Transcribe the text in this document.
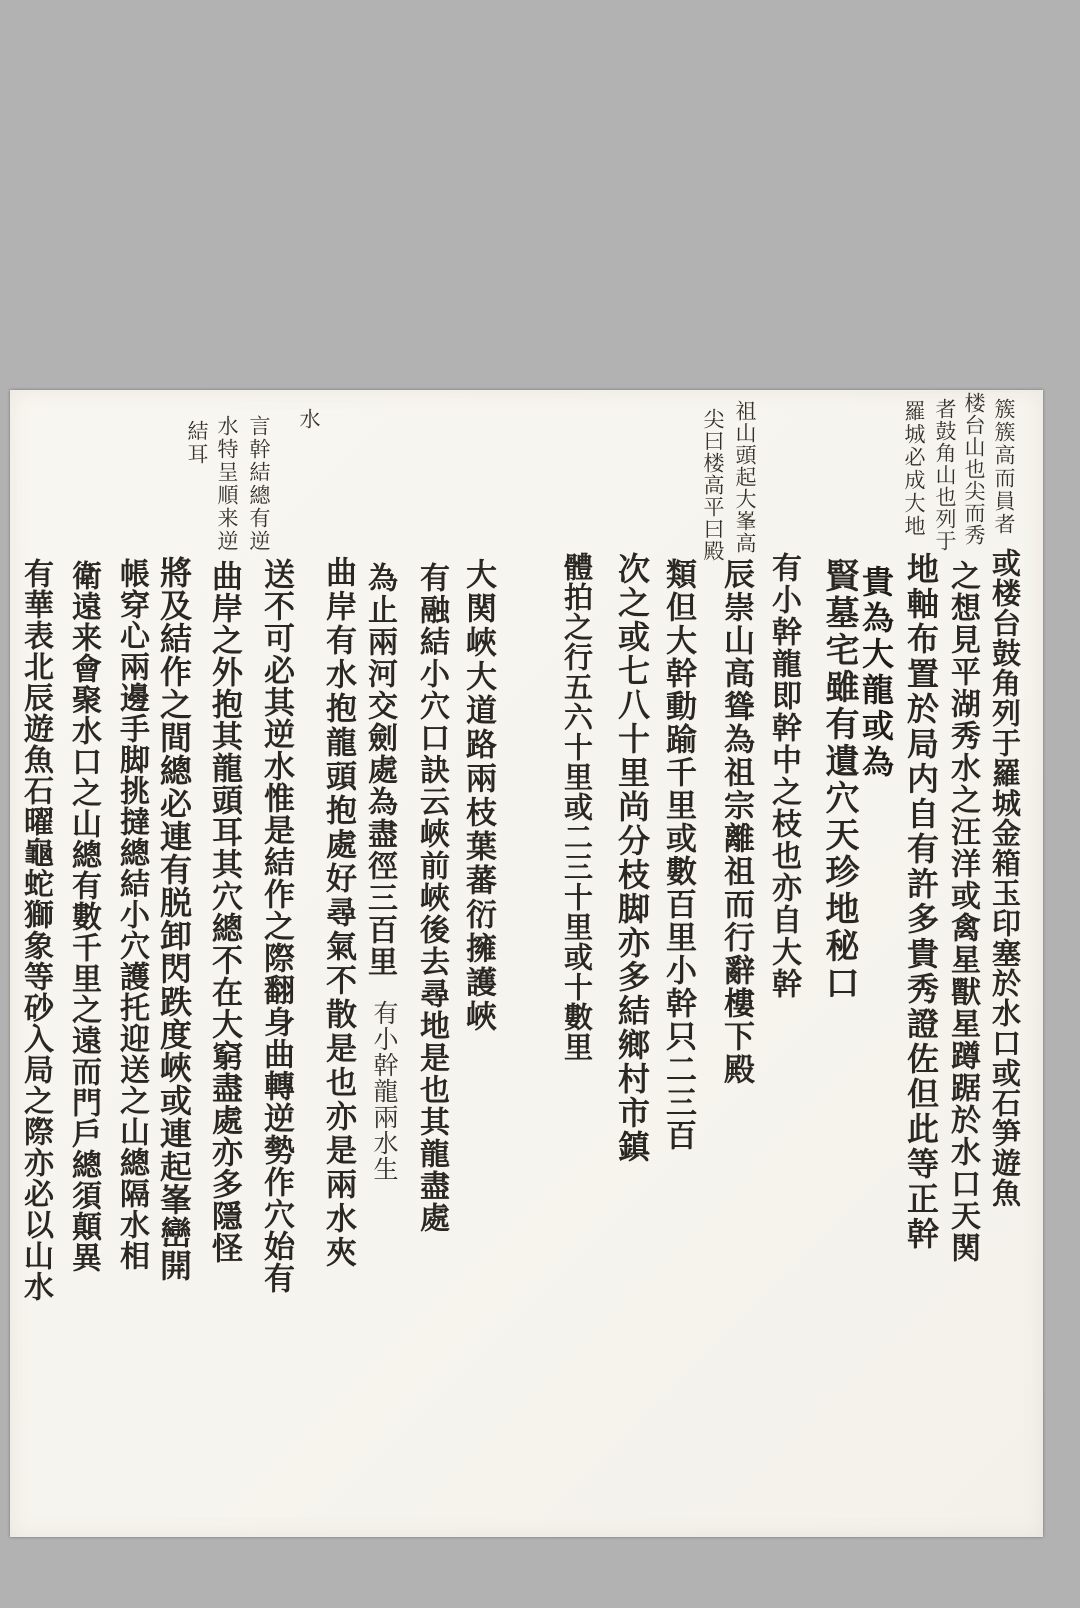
簇簇高而員者
楼台山也尖而秀
者鼓角山也列于
羅城必成大地
祖山頭起大峯高
尖曰楼高平曰殿
水
言幹結總有逆
水特呈順来逆
結耳
或楼台鼓角列于羅城金箱玉印塞於水口或石笋遊魚
之想見平湖秀水之汪洋或禽星獸星蹲踞於水口天関
地軸布置於局内自有許多貴秀證佐但此等正幹
貴為大龍或為
賢墓宅雖有遺穴天珍地秘口
有小幹龍即幹中之枝也亦自大幹
辰崇山高聳為祖宗離祖而行辭樓下殿
類但大幹動踰千里或數百里小幹只二三百
次之或七八十里尚分枝脚亦多結鄉村市鎮
體拍之行五六十里或二三十里或十數里
大関峽大道路兩枝葉蕃衍擁護峽
有融結小穴口訣云峽前峽後去尋地是也其龍盡處
為止兩河交劍處為盡徑三百里
有小幹龍兩水生
曲岸有水抱龍頭抱處好尋氣不散是也亦是兩水夾
送不可必其逆水惟是結作之際翻身曲轉逆勢作穴始有
曲岸之外抱其龍頭耳其穴總不在大窮盡處亦多隱怪
將及結作之間總必連有脱卸閃跌度峽或連起峯巒開
帳穿心兩邊手脚挑撻總結小穴護托迎送之山總隔水相
衛遠来會聚水口之山總有數千里之遠而門戶總須顛異
有華表北辰遊魚石曜龜蛇獅象等砂入局之際亦必以山水
